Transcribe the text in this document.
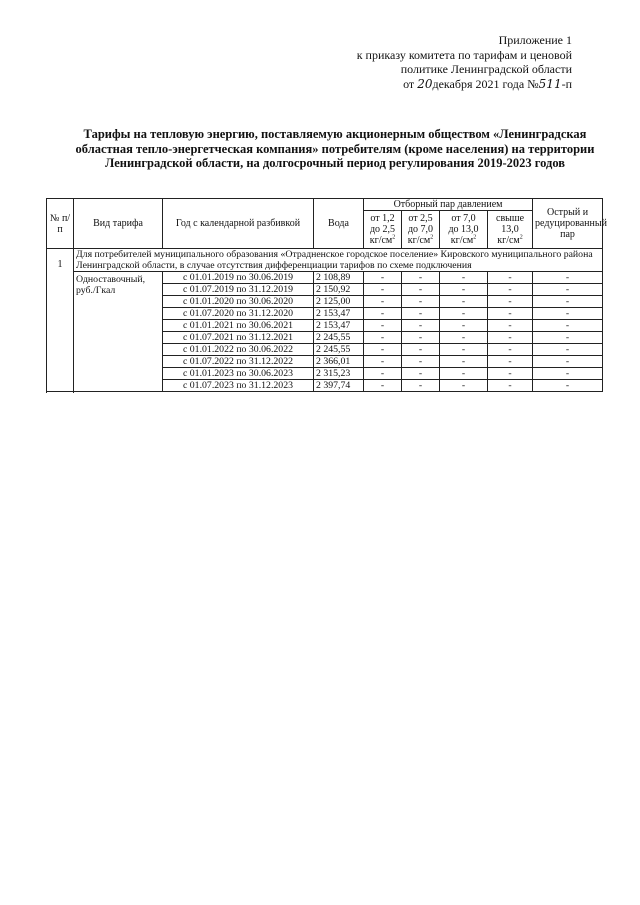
Приложение 1
к приказу комитета по тарифам и ценовой
политике Ленинградской области
от 20декабря 2021 года №511-п
Тарифы на тепловую энергию, поставляемую акционерным обществом «Ленинградская областная тепло-энергетческая компания» потребителям (кроме населения) на территории Ленинградской области, на долгосрочный период регулирования 2019-2023 годов
№ п/п	Вид тарифа	Год с календарной разбивкой	Вода	Отборный пар давлением				Острый и редуцированный пар
				от 1,2
до 2,5
$кг/см^2$	от 2,5
до 7,0
$кг/см^2$	от 7,0
до 13,0
$кг/см^2$	свыше
13,0
$кг/см^2$
1	Для потребителей муниципального образования «Отрадненское городское поселение» Кировского муниципального района Ленинградской области, в случае отсутствия дифференциации тарифов по схеме подключения							
	Одноставочный, руб./Гкал	с 01.01.2019 по 30.06.2019	2 108,89	-	-	-	-	-
		с 01.07.2019 по 31.12.2019	2 150,92	-	-	-	-	-
		с 01.01.2020 по 30.06.2020	2 125,00	-	-	-	-	-
		с 01.07.2020 по 31.12.2020	2 153,47	-	-	-	-	-
		с 01.01.2021 по 30.06.2021	2 153,47	-	-	-	-	-
		с 01.07.2021 по 31.12.2021	2 245,55	-	-	-	-	-
		с 01.01.2022 по 30.06.2022	2 245,55	-	-	-	-	-
		с 01.07.2022 по 31.12.2022	2 366,01	-	-	-	-	-
		с 01.01.2023 по 30.06.2023	2 315,23	-	-	-	-	-
		с 01.07.2023 по 31.12.2023	2 397,74	-	-	-	-	-
